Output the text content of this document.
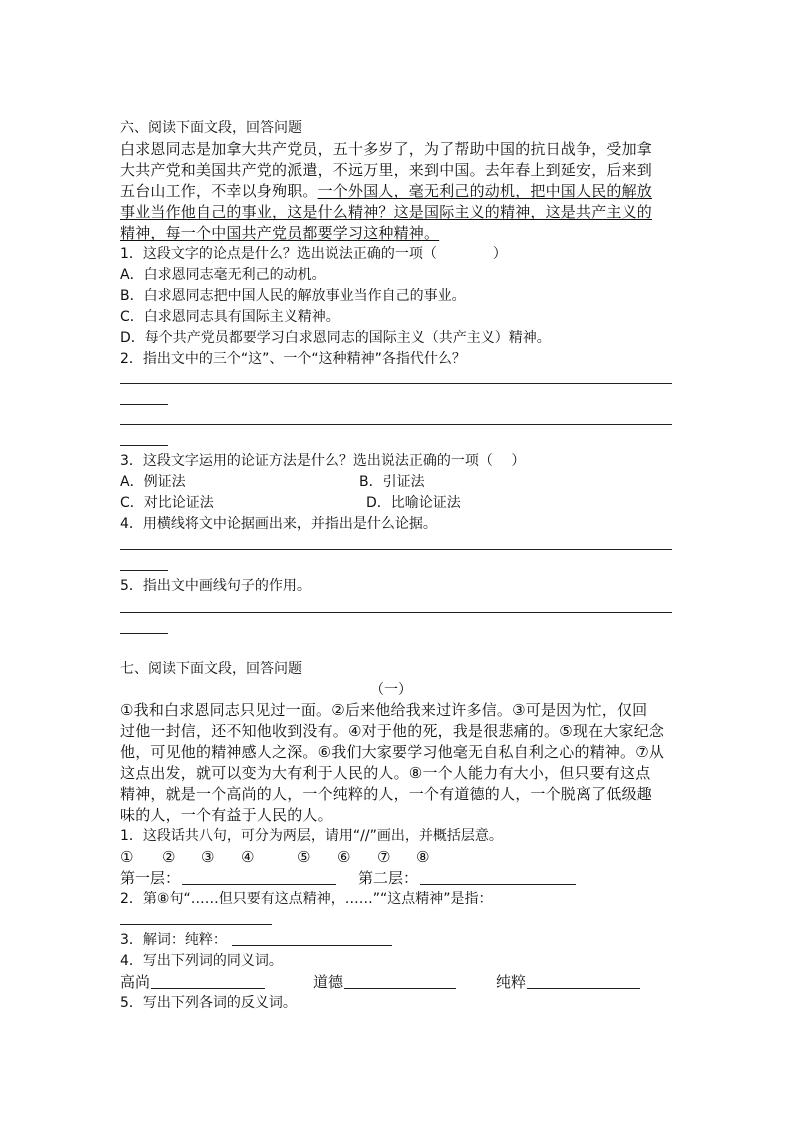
六、阅读下面文段，回答问题

白求恩同志是加拿大共产党员，五十多岁了，为了帮助中国的抗日战争，受加拿

大共产党和美国共产党的派遣，不远万里，来到中国。去年春上到延安，后来到

五台山工作，不幸以身殉职。一个外国人，毫无利己的动机，把中国人民的解放

事业当作他自己的事业，这是什么精神？这是国际主义的精神，这是共产主义的

精神，每一个中国共产党员都要学习这种精神。

1．这段文字的论点是什么？选出说法正确的一项（　　　　）

A．白求恩同志毫无利己的动机。

B．白求恩同志把中国人民的解放事业当作自己的事业。

C．白求恩同志具有国际主义精神。

D．每个共产党员都要学习白求恩同志的国际主义（共产主义）精神。

2．指出文中的三个“这”、一个“这种精神”各指代什么？

3．这段文字运用的论证方法是什么？选出说法正确的一项（　 ）

A．例证法	B．引证法
C．对比论证法	D．比喻论证法

4．用横线将文中论据画出来，并指出是什么论据。

5．指出文中画线句子的作用。

七、阅读下面文段，回答问题

（一）

①我和白求恩同志只见过一面。②后来他给我来过许多信。③可是因为忙，仅回

过他一封信，还不知他收到没有。④对于他的死，我是很悲痛的。⑤现在大家纪念

他，可见他的精神感人之深。⑥我们大家要学习他毫无自私自利之心的精神。⑦从

这点出发，就可以变为大有利于人民的人。⑧一个人能力有大小，但只要有这点

精神，就是一个高尚的人，一个纯粹的人，一个有道德的人，一个脱离了低级趣

味的人，一个有益于人民的人。

1．这段话共八句，可分为两层，请用“//”画出，并概括层意。

① ② ③ ④	⑤ ⑥ ⑦ ⑧
第一层：	第二层：

2．第⑧句“……但只要有这点精神，……”“这点精神”是指：

3．解词：纯粹：

4．写出下列词的同义词。

高尚	道德	纯粹

5．写出下列各词的反义词。
